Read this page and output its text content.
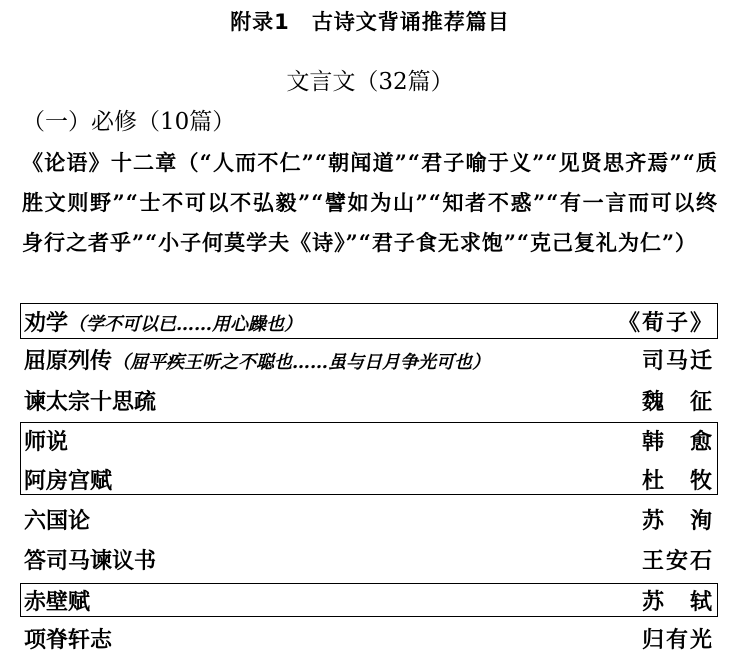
附录1 古诗文背诵推荐篇目
文言文（32篇）
（一）必修（10篇）
《论语》十二章（“人而不仁”“朝闻道”“君子喻于义”“见贤思齐焉”“质胜文则野”“士不可以不弘毅”“譬如为山”“知者不惑”“有一言而可以终身行之者乎”“小子何莫学夫《诗》”“君子食无求饱”“克己复礼为仁”）
劝学（学不可以已……用心躁也）	《荀子》
屈原列传（屈平疾王听之不聪也……虽与日月争光可也）	司马迁
谏太宗十思疏	魏　征
师说	韩　愈
阿房宫赋	杜　牧
六国论	苏　洵
答司马谏议书	王安石
赤壁赋	苏　轼
项脊轩志	归有光
